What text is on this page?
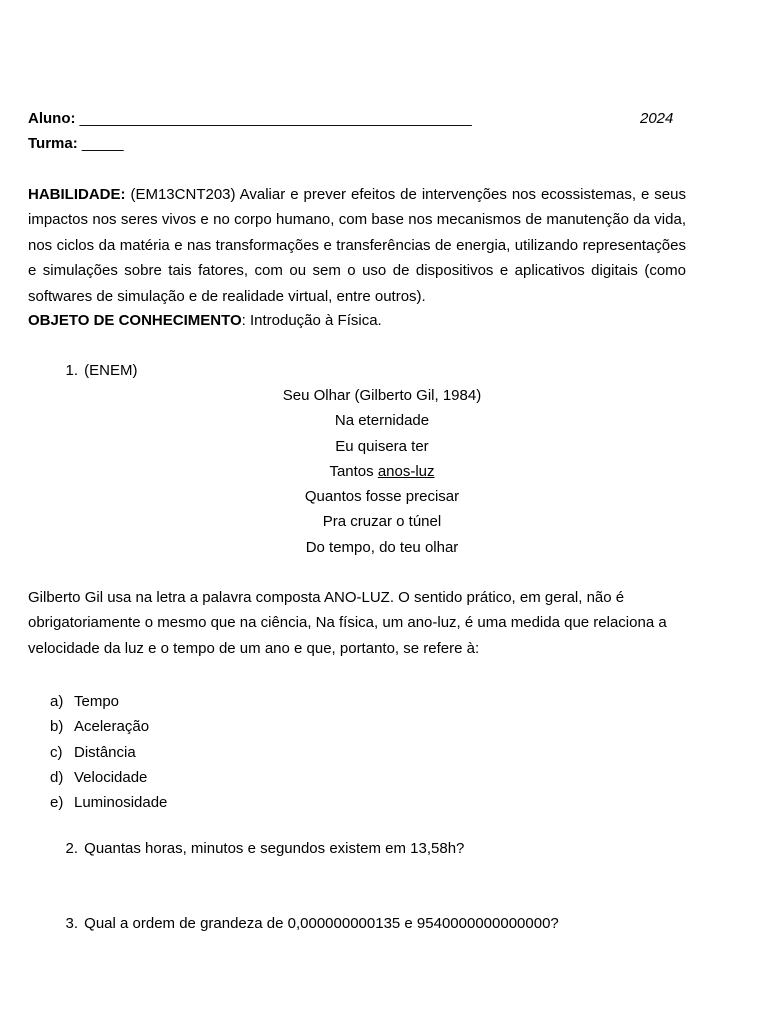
Aluno: _______________________________________________	2024
Turma: _____
HABILIDADE: (EM13CNT203) Avaliar e prever efeitos de intervenções nos ecossistemas, e seus impactos nos seres vivos e no corpo humano, com base nos mecanismos de manutenção da vida, nos ciclos da matéria e nas transformações e transferências de energia, utilizando representações e simulações sobre tais fatores, com ou sem o uso de dispositivos e aplicativos digitais (como softwares de simulação e de realidade virtual, entre outros).
OBJETO DE CONHECIMENTO: Introdução à Física.
1. (ENEM)
Seu Olhar (Gilberto Gil, 1984)
Na eternidade
Eu quisera ter
Tantos anos-luz
Quantos fosse precisar
Pra cruzar o túnel
Do tempo, do teu olhar
Gilberto Gil usa na letra a palavra composta ANO-LUZ. O sentido prático, em geral, não é obrigatoriamente o mesmo que na ciência, Na física, um ano-luz, é uma medida que relaciona a velocidade da luz e o tempo de um ano e que, portanto, se refere à:
a) Tempo
b) Aceleração
c) Distância
d) Velocidade
e) Luminosidade
2. Quantas horas, minutos e segundos existem em 13,58h?
3. Qual a ordem de grandeza de 0,000000000135 e 9540000000000000?
